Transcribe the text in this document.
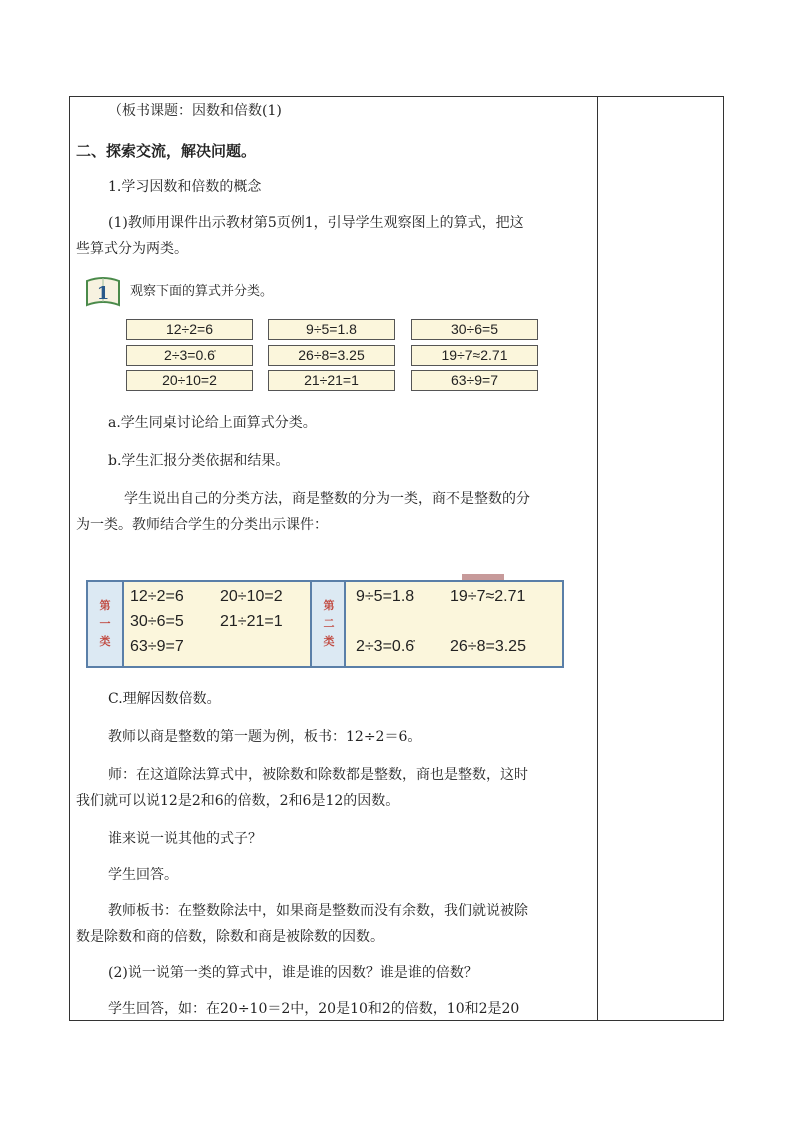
（板书课题：因数和倍数(1)
二、探索交流，解决问题。
1.学习因数和倍数的概念
(1)教师用课件出示教材第5页例1，引导学生观察图上的算式，把这
些算式分为两类。
1 观察下面的算式并分类。
12÷2=6	9÷5=1.8	30÷6=5
2÷3=0.6̇	26÷8=3.25	19÷7≈2.71
20÷10=2	21÷21=1	63÷9=7
a.学生同桌讨论给上面算式分类。
b.学生汇报分类依据和结果。
学生说出自己的分类方法，商是整数的分为一类，商不是整数的分
为一类。教师结合学生的分类出示课件：
第
一
类
12÷2=6 20÷10=2
30÷6=5 21÷21=1
63÷9=7
第
二
类
9÷5=1.8 19÷7≈2.71
2÷3=0.6̇ 26÷8=3.25
C.理解因数倍数。
教师以商是整数的第一题为例，板书：12÷2＝6。
师：在这道除法算式中，被除数和除数都是整数，商也是整数，这时
我们就可以说12是2和6的倍数，2和6是12的因数。
谁来说一说其他的式子？
学生回答。
教师板书：在整数除法中，如果商是整数而没有余数，我们就说被除
数是除数和商的倍数，除数和商是被除数的因数。
(2)说一说第一类的算式中，谁是谁的因数？谁是谁的倍数？
学生回答，如：在20÷10＝2中，20是10和2的倍数，10和2是20
